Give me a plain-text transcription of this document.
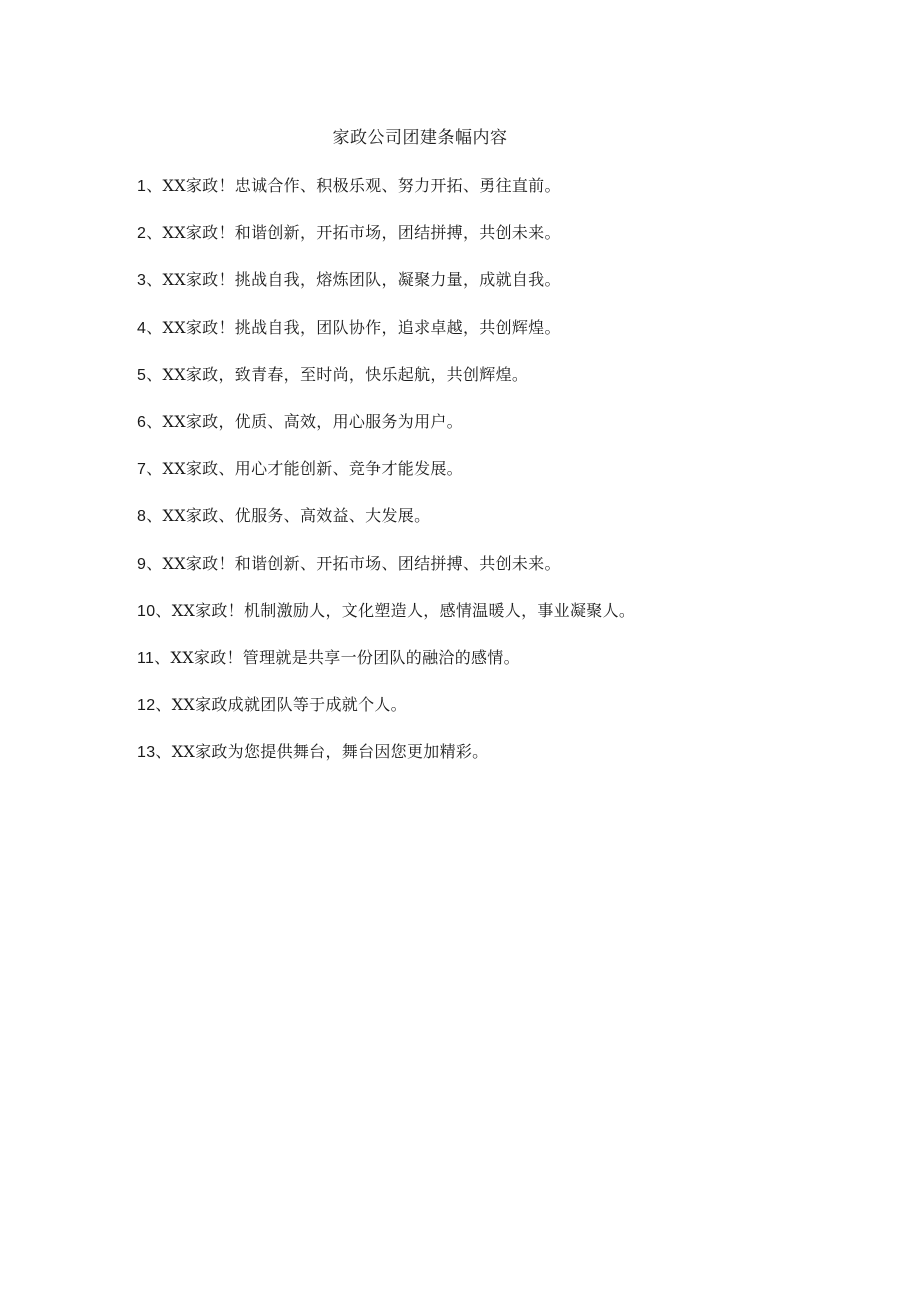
家政公司团建条幅内容
1、XX家政！忠诚合作、积极乐观、努力开拓、勇往直前。
2、XX家政！和谐创新，开拓市场，团结拼搏，共创未来。
3、XX家政！挑战自我，熔炼团队，凝聚力量，成就自我。
4、XX家政！挑战自我，团队协作，追求卓越，共创辉煌。
5、XX家政，致青春，至时尚，快乐起航，共创辉煌。
6、XX家政，优质、高效，用心服务为用户。
7、XX家政、用心才能创新、竞争才能发展。
8、XX家政、优服务、高效益、大发展。
9、XX家政！和谐创新、开拓市场、团结拼搏、共创未来。
10、XX家政！机制激励人，文化塑造人，感情温暖人，事业凝聚人。
11、XX家政！管理就是共享一份团队的融洽的感情。
12、XX家政成就团队等于成就个人。
13、XX家政为您提供舞台，舞台因您更加精彩。
